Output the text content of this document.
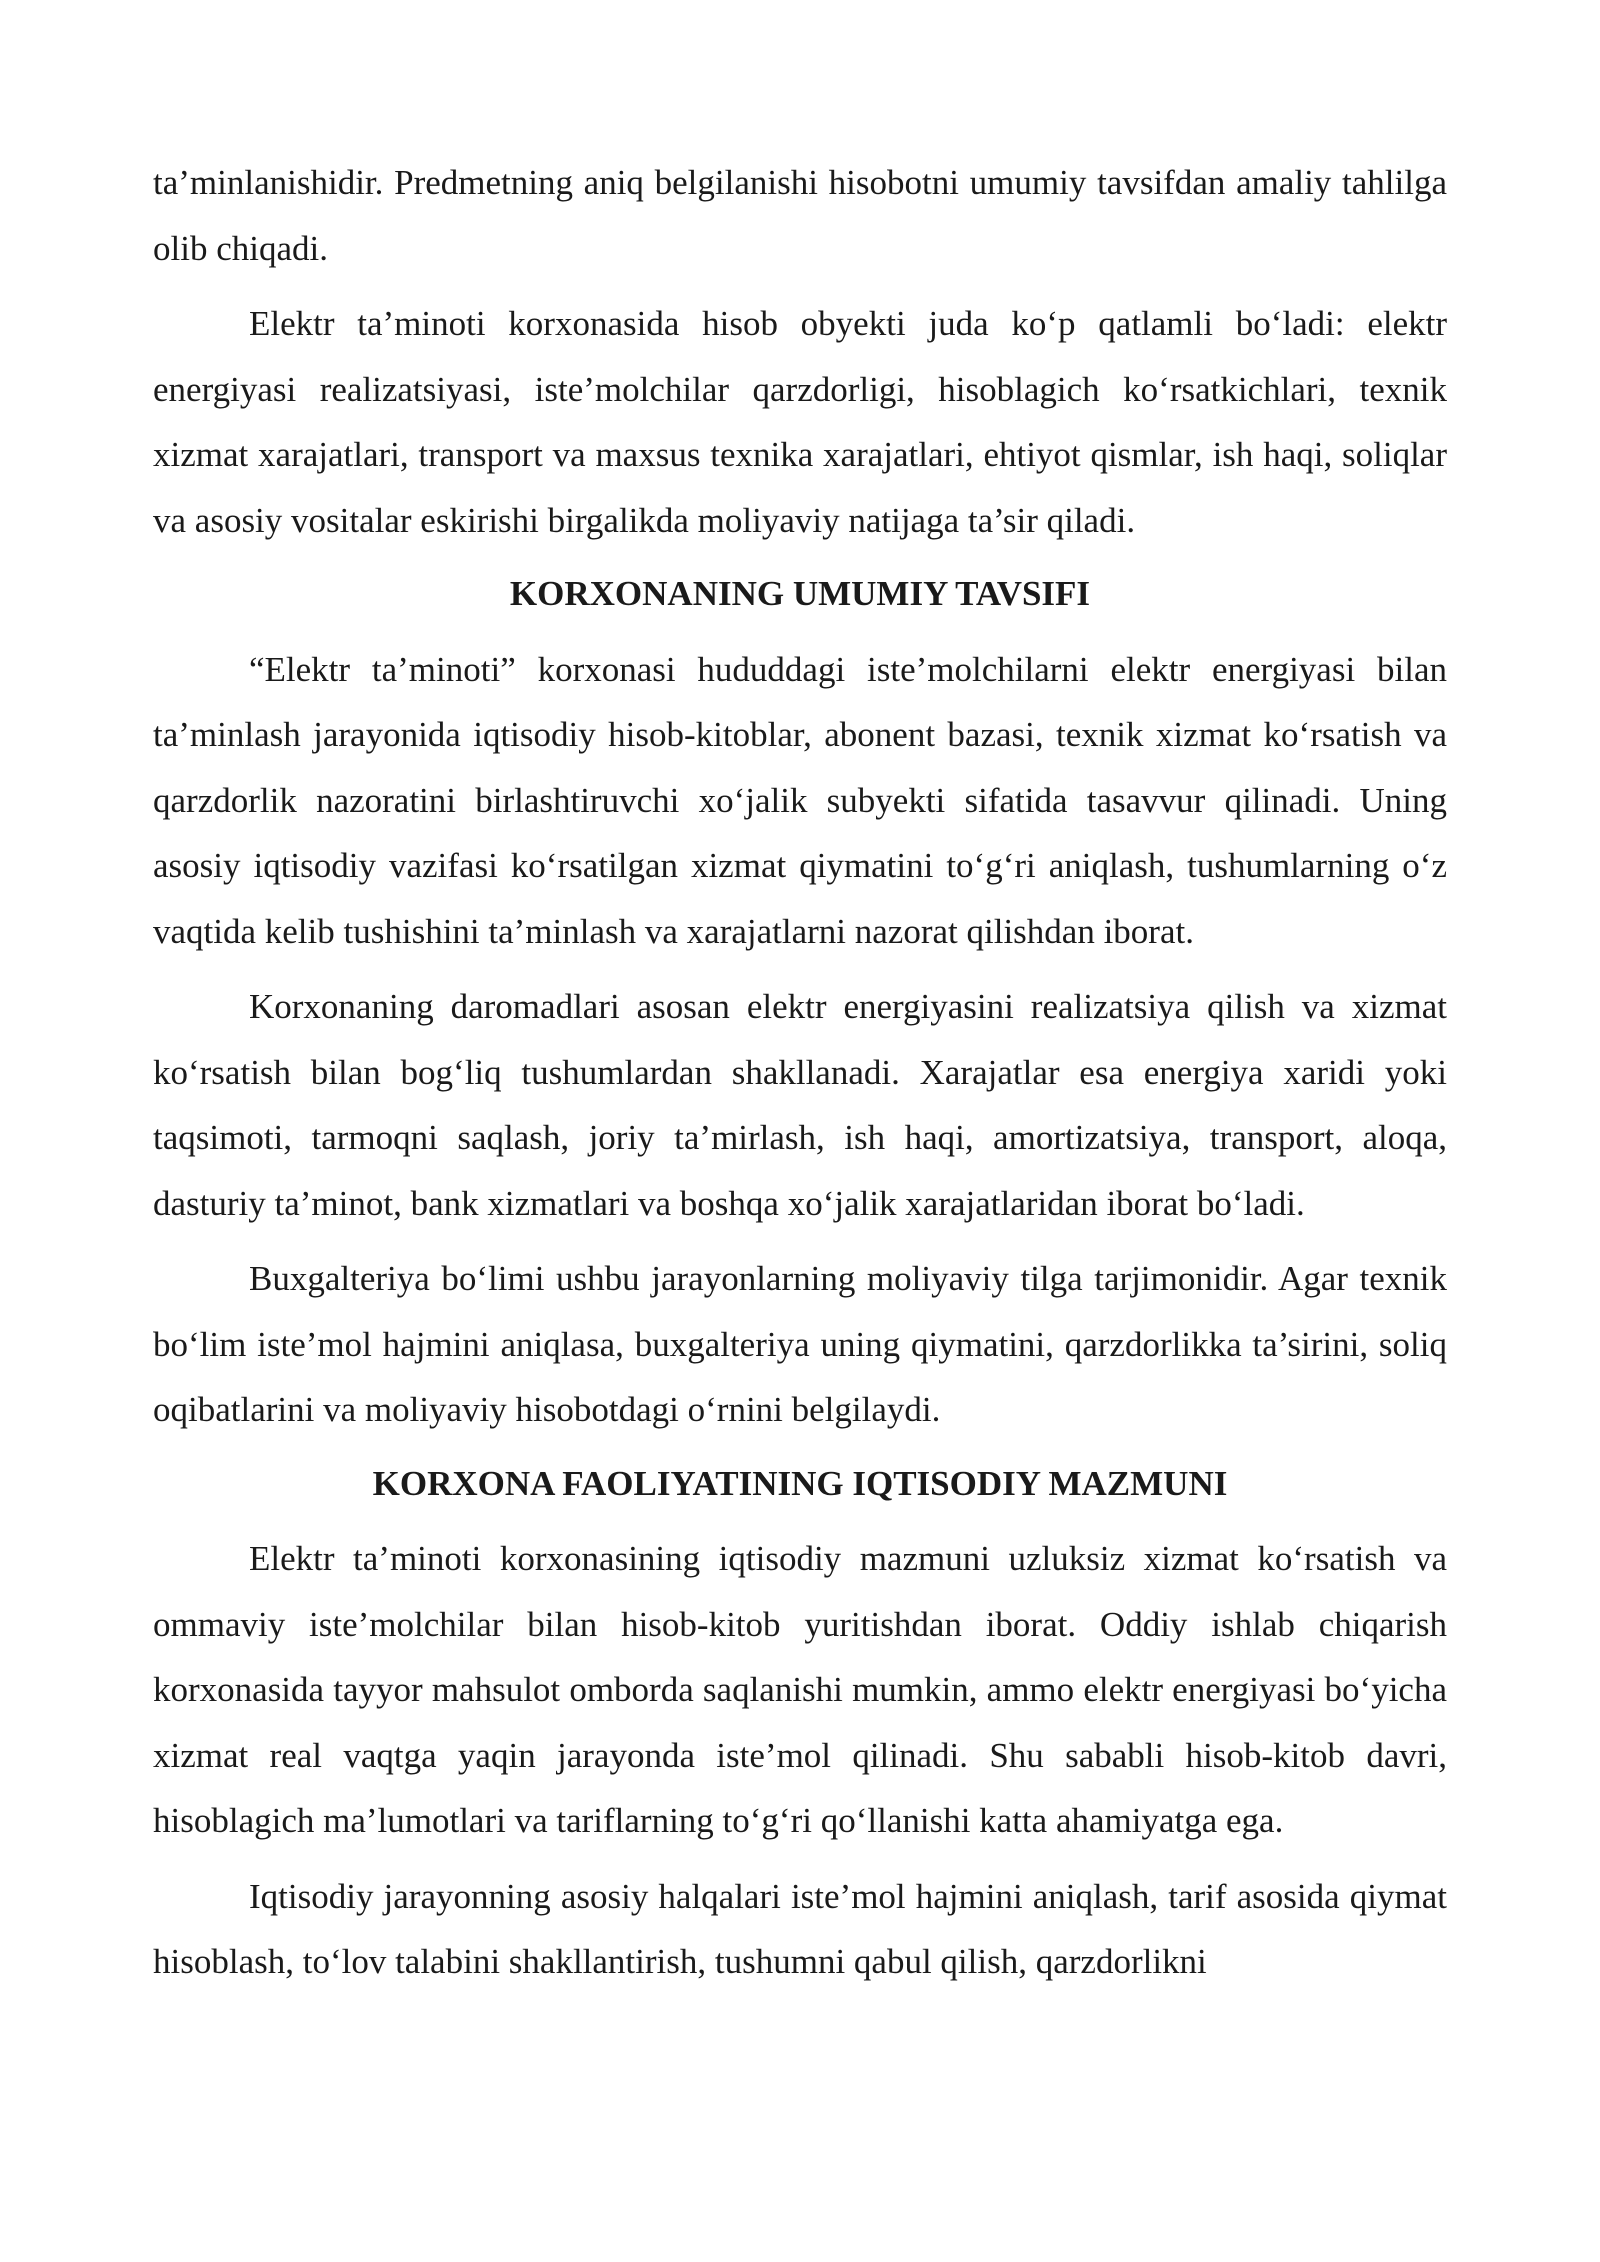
ta’minlanishidir. Predmetning aniq belgilanishi hisobotni umumiy tavsifdan amaliy tahlilga olib chiqadi.

Elektr ta’minoti korxonasida hisob obyekti juda ko‘p qatlamli bo‘ladi: elektr energiyasi realizatsiyasi, iste’molchilar qarzdorligi, hisoblagich ko‘rsatkichlari, texnik xizmat xarajatlari, transport va maxsus texnika xarajatlari, ehtiyot qismlar, ish haqi, soliqlar va asosiy vositalar eskirishi birgalikda moliyaviy natijaga ta’sir qiladi.

KORXONANING UMUMIY TAVSIFI

“Elektr ta’minoti” korxonasi hududdagi iste’molchilarni elektr energiyasi bilan ta’minlash jarayonida iqtisodiy hisob-kitoblar, abonent bazasi, texnik xizmat ko‘rsatish va qarzdorlik nazoratini birlashtiruvchi xo‘jalik subyekti sifatida tasavvur qilinadi. Uning asosiy iqtisodiy vazifasi ko‘rsatilgan xizmat qiymatini to‘g‘ri aniqlash, tushumlarning o‘z vaqtida kelib tushishini ta’minlash va xarajatlarni nazorat qilishdan iborat.

Korxonaning daromadlari asosan elektr energiyasini realizatsiya qilish va xizmat ko‘rsatish bilan bog‘liq tushumlardan shakllanadi. Xarajatlar esa energiya xaridi yoki taqsimoti, tarmoqni saqlash, joriy ta’mirlash, ish haqi, amortizatsiya, transport, aloqa, dasturiy ta’minot, bank xizmatlari va boshqa xo‘jalik xarajatlaridan iborat bo‘ladi.

Buxgalteriya bo‘limi ushbu jarayonlarning moliyaviy tilga tarjimonidir. Agar texnik bo‘lim iste’mol hajmini aniqlasa, buxgalteriya uning qiymatini, qarzdorlikka ta’sirini, soliq oqibatlarini va moliyaviy hisobotdagi o‘rnini belgilaydi.

KORXONA FAOLIYATINING IQTISODIY MAZMUNI

Elektr ta’minoti korxonasining iqtisodiy mazmuni uzluksiz xizmat ko‘rsatish va ommaviy iste’molchilar bilan hisob-kitob yuritishdan iborat. Oddiy ishlab chiqarish korxonasida tayyor mahsulot omborda saqlanishi mumkin, ammo elektr energiyasi bo‘yicha xizmat real vaqtga yaqin jarayonda iste’mol qilinadi. Shu sababli hisob-kitob davri, hisoblagich ma’lumotlari va tariflarning to‘g‘ri qo‘llanishi katta ahamiyatga ega.

Iqtisodiy jarayonning asosiy halqalari iste’mol hajmini aniqlash, tarif asosida qiymat hisoblash, to‘lov talabini shakllantirish, tushumni qabul qilish, qarzdorlikni
